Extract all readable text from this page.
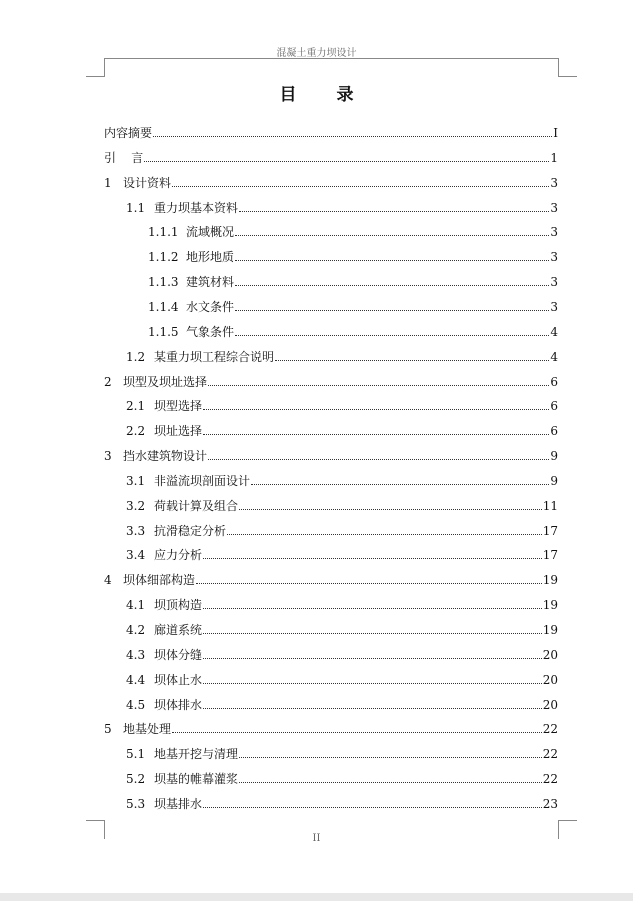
混凝土重力坝设计
目 录
内容摘要	I
引    言	1
1 设计资料	3
1.1 重力坝基本资料	3
1.1.1 流域概况	3
1.1.2 地形地质	3
1.1.3 建筑材料	3
1.1.4 水文条件	3
1.1.5 气象条件	4
1.2 某重力坝工程综合说明	4
2 坝型及坝址选择	6
2.1 坝型选择	6
2.2 坝址选择	6
3 挡水建筑物设计	9
3.1 非溢流坝剖面设计	9
3.2 荷载计算及组合	11
3.3 抗滑稳定分析	17
3.4 应力分析	17
4 坝体细部构造	19
4.1 坝顶构造	19
4.2 廊道系统	19
4.3 坝体分缝	20
4.4 坝体止水	20
4.5 坝体排水	20
5 地基处理	22
5.1 地基开挖与清理	22
5.2 坝基的帷幕灌浆	22
5.3 坝基排水	23
II
